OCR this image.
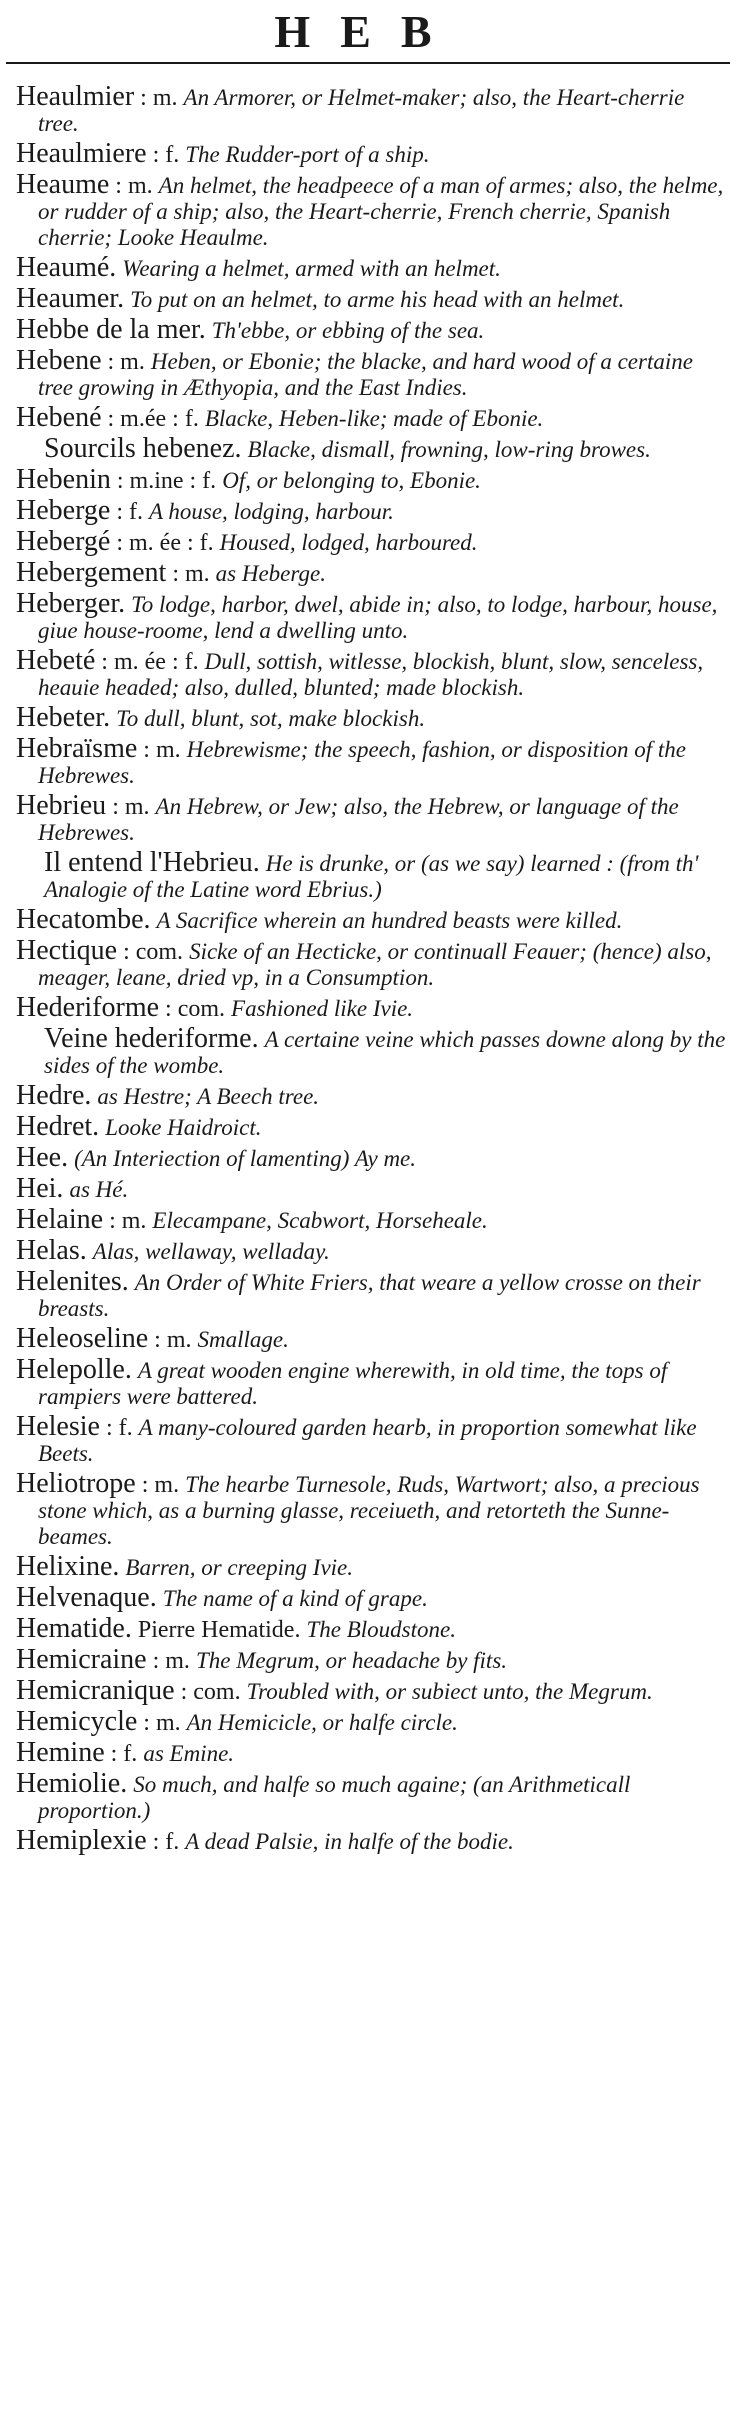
HEB
Heaulmier : m. An Armorer, or Helmet-maker; also, the Heart-cherrie tree.
Heaulmiere : f. The Rudder-port of a ship.
Heaume : m. An helmet, the headpeece of a man of armes; also, the helme, or rudder of a ship; also, the Heart-cherrie, French cherrie, Spanish cherrie; Looke Heaulme.
Heaumé. Wearing a helmet, armed with an helmet.
Heaumer. To put on an helmet, to arme his head with an helmet.
Hebbe de la mer. Th'ebbe, or ebbing of the sea.
Hebene : m. Heben, or Ebonie; the blacke, and hard wood of a certaine tree growing in Æthyopia, and the East Indies.
Hebené : m.ée : f. Blacke, Heben-like; made of Ebonie.
Sourcils hebenez. Blacke, dismall, frowning, low-ring browes.
Hebenin : m.ine : f. Of, or belonging to, Ebonie.
Heberge : f. A house, lodging, harbour.
Hebergé : m. ée : f. Housed, lodged, harboured.
Hebergement : m. as Heberge.
Heberger. To lodge, harbor, dwel, abide in; also, to lodge, harbour, house, giue house-roome, lend a dwelling unto.
Hebeté : m. ée : f. Dull, sottish, witlesse, blockish, blunt, slow, senceless, heauie headed; also, dulled, blunted; made blockish.
Hebeter. To dull, blunt, sot, make blockish.
Hebraïsme : m. Hebrewisme; the speech, fashion, or disposition of the Hebrewes.
Hebrieu : m. An Hebrew, or Jew; also, the Hebrew, or language of the Hebrewes.
Il entend l'Hebrieu. He is drunke, or (as we say) learned : (from th' Analogie of the Latine word Ebrius.)
Hecatombe. A Sacrifice wherein an hundred beasts were killed.
Hectique : com. Sicke of an Hecticke, or continuall Feauer; (hence) also, meager, leane, dried vp, in a Consumption.
Hederiforme : com. Fashioned like Ivie.
Veine hederiforme. A certaine veine which passes downe along by the sides of the wombe.
Hedre. as Hestre; A Beech tree.
Hedret. Looke Haidroict.
Hee. (An Interiection of lamenting) Ay me.
Hei. as Hé.
Helaine : m. Elecampane, Scabwort, Horseheale.
Helas. Alas, wellaway, welladay.
Helenites. An Order of White Friers, that weare a yellow crosse on their breasts.
Heleoseline : m. Smallage.
Helepolle. A great wooden engine wherewith, in old time, the tops of rampiers were battered.
Helesie : f. A many-coloured garden hearb, in proportion somewhat like Beets.
Heliotrope : m. The hearbe Turnesole, Ruds, Wartwort; also, a precious stone which, as a burning glasse, receiueth, and retorteth the Sunne-beames.
Helixine. Barren, or creeping Ivie.
Helvenaque. The name of a kind of grape.
Hematide. Pierre Hematide. The Bloudstone.
Hemicraine : m. The Megrum, or headache by fits.
Hemicranique : com. Troubled with, or subiect unto, the Megrum.
Hemicycle : m. An Hemicicle, or halfe circle.
Hemine : f. as Emine.
Hemiolie. So much, and halfe so much againe; (an Arithmeticall proportion.)
Hemiplexie : f. A dead Palsie, in halfe of the bodie.
